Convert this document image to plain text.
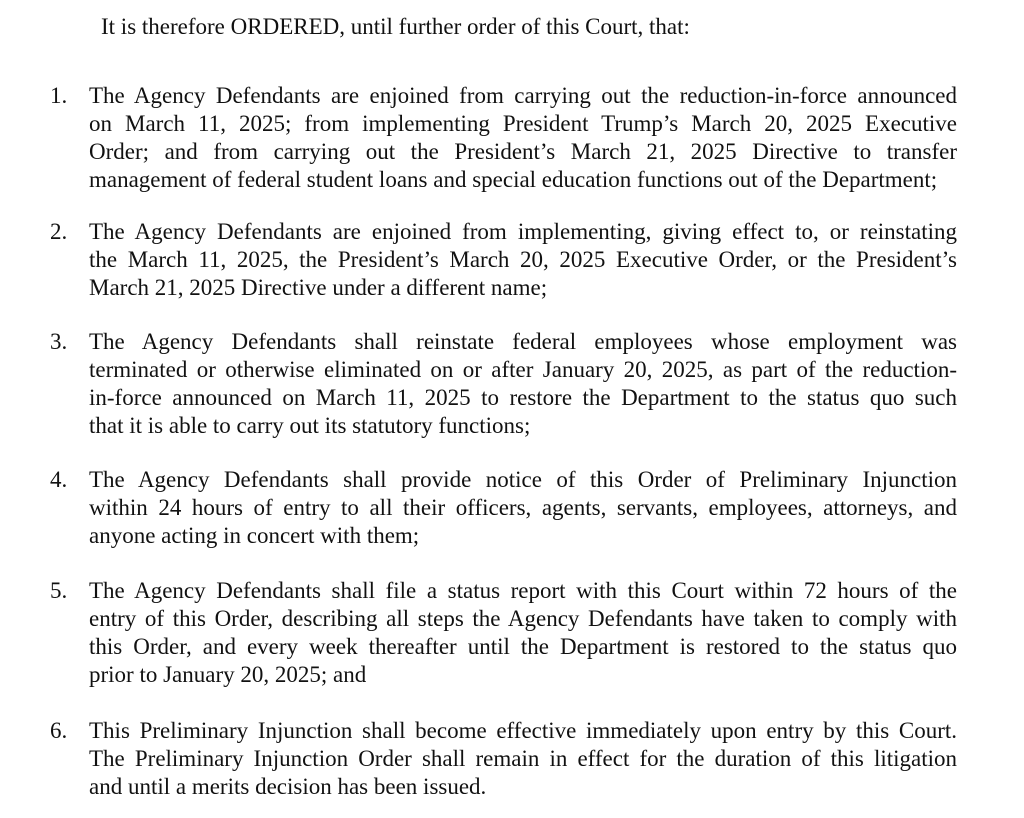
It is therefore ORDERED, until further order of this Court, that:
1. The Agency Defendants are enjoined from carrying out the reduction-in-force announced
on March 11, 2025; from implementing President Trump’s March 20, 2025 Executive
Order; and from carrying out the President’s March 21, 2025 Directive to transfer
management of federal student loans and special education functions out of the Department;
2. The Agency Defendants are enjoined from implementing, giving effect to, or reinstating
the March 11, 2025, the President’s March 20, 2025 Executive Order, or the President’s
March 21, 2025 Directive under a different name;
3. The Agency Defendants shall reinstate federal employees whose employment was
terminated or otherwise eliminated on or after January 20, 2025, as part of the reduction-
in-force announced on March 11, 2025 to restore the Department to the status quo such
that it is able to carry out its statutory functions;
4. The Agency Defendants shall provide notice of this Order of Preliminary Injunction
within 24 hours of entry to all their officers, agents, servants, employees, attorneys, and
anyone acting in concert with them;
5. The Agency Defendants shall file a status report with this Court within 72 hours of the
entry of this Order, describing all steps the Agency Defendants have taken to comply with
this Order, and every week thereafter until the Department is restored to the status quo
prior to January 20, 2025; and
6. This Preliminary Injunction shall become effective immediately upon entry by this Court.
The Preliminary Injunction Order shall remain in effect for the duration of this litigation
and until a merits decision has been issued.
